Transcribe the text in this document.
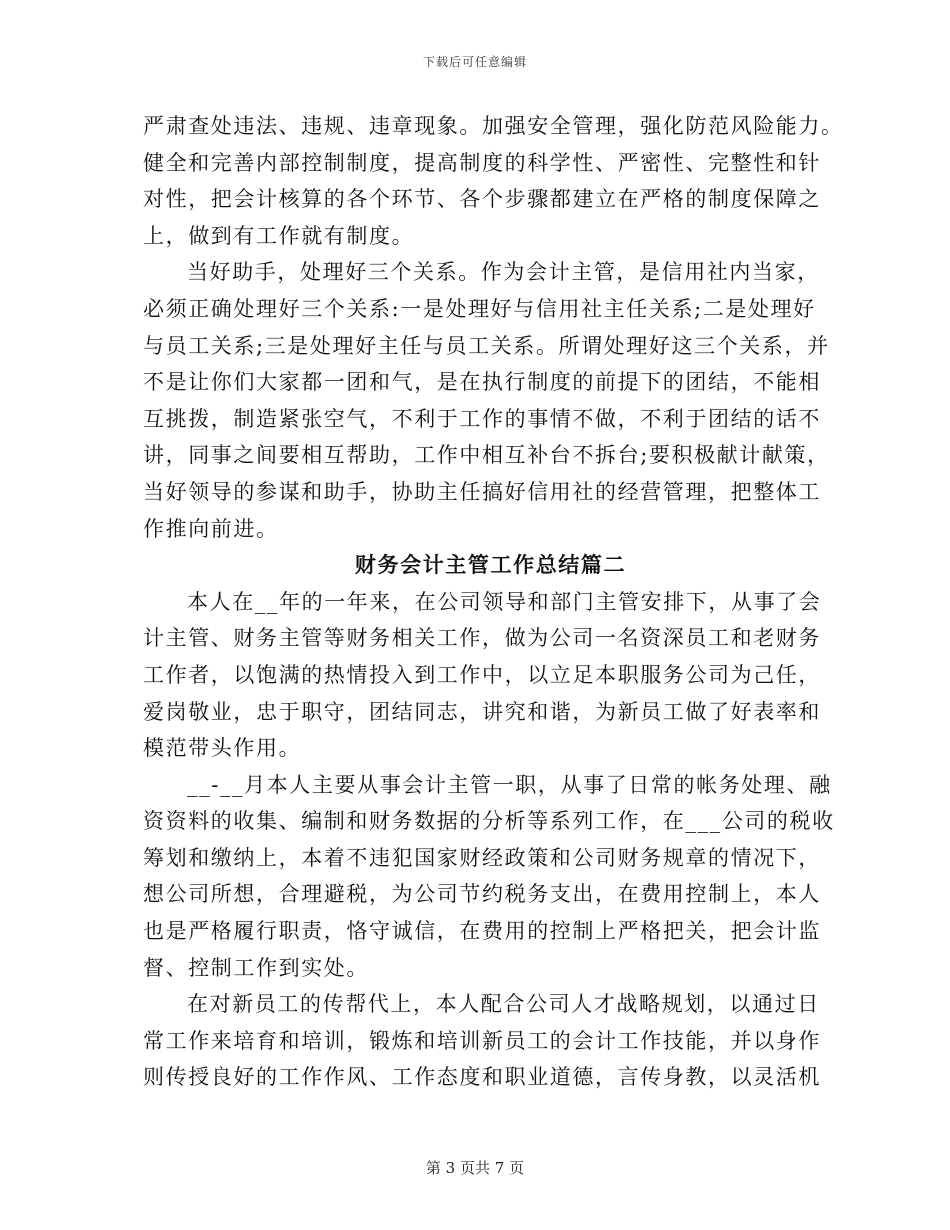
下载后可任意编辑
严肃查处违法、违规、违章现象。加强安全管理，强化防范风险能力。
健全和完善内部控制制度，提高制度的科学性、严密性、完整性和针
对性，把会计核算的各个环节、各个步骤都建立在严格的制度保障之
上，做到有工作就有制度。
当好助手，处理好三个关系。作为会计主管，是信用社内当家，
必须正确处理好三个关系:一是处理好与信用社主任关系;二是处理好
与员工关系;三是处理好主任与员工关系。所谓处理好这三个关系，并
不是让你们大家都一团和气，是在执行制度的前提下的团结，不能相
互挑拨，制造紧张空气，不利于工作的事情不做，不利于团结的话不
讲，同事之间要相互帮助，工作中相互补台不拆台;要积极献计献策，
当好领导的参谋和助手，协助主任搞好信用社的经营管理，把整体工
作推向前进。
财务会计主管工作总结篇二
本人在__年的一年来，在公司领导和部门主管安排下，从事了会
计主管、财务主管等财务相关工作，做为公司一名资深员工和老财务
工作者，以饱满的热情投入到工作中，以立足本职服务公司为己任，
爱岗敬业，忠于职守，团结同志，讲究和谐，为新员工做了好表率和
模范带头作用。
__-__月本人主要从事会计主管一职，从事了日常的帐务处理、融
资资料的收集、编制和财务数据的分析等系列工作，在___公司的税收
筹划和缴纳上，本着不违犯国家财经政策和公司财务规章的情况下，
想公司所想，合理避税，为公司节约税务支出，在费用控制上，本人
也是严格履行职责，恪守诚信，在费用的控制上严格把关，把会计监
督、控制工作到实处。
在对新员工的传帮代上，本人配合公司人才战略规划，以通过日
常工作来培育和培训，锻炼和培训新员工的会计工作技能，并以身作
则传授良好的工作作风、工作态度和职业道德，言传身教，以灵活机
第 3 页共 7 页
